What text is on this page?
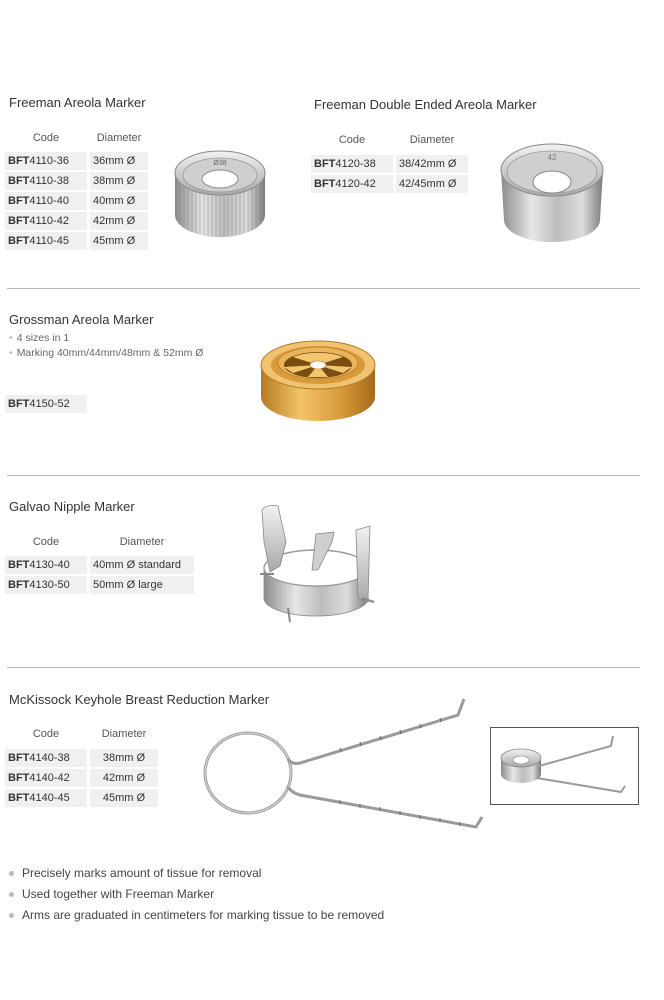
Freeman Areola Marker
Code	Diameter
BFT4110-36	36mm Ø
BFT4110-38	38mm Ø
BFT4110-40	40mm Ø
BFT4110-42	42mm Ø
BFT4110-45	45mm Ø
Ø38
Freeman Double Ended Areola Marker
Code	Diameter
BFT4120-38	38/42mm Ø
BFT4120-42	42/45mm Ø
42
Grossman Areola Marker
• 4 sizes in 1
• Marking 40mm/44mm/48mm & 52mm Ø
BFT4150-52
Galvao Nipple Marker
Code	Diameter
BFT4130-40	40mm Ø standard
BFT4130-50	50mm Ø large
McKissock Keyhole Breast Reduction Marker
Code	Diameter
BFT4140-38	38mm Ø
BFT4140-42	42mm Ø
BFT4140-45	45mm Ø
Precisely marks amount of tissue for removal
Used together with Freeman Marker
Arms are graduated in centimeters for marking tissue to be removed
